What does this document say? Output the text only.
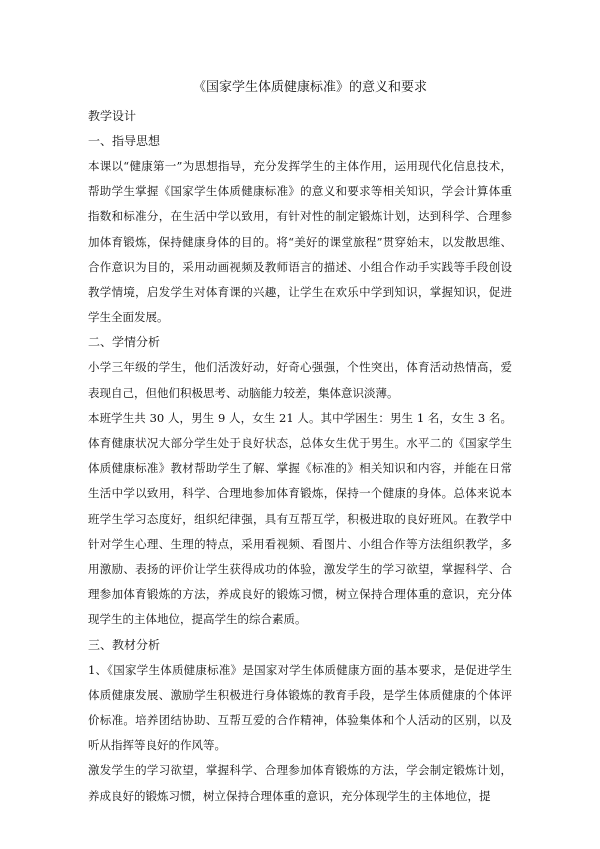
《国家学生体质健康标准》的意义和要求
教学设计
一、指导思想

本课以“健康第一”为思想指导，充分发挥学生的主体作用，运用现代化信息技术，帮助学生掌握《国家学生体质健康标准》的意义和要求等相关知识，学会计算体重指数和标准分，在生活中学以致用，有针对性的制定锻炼计划，达到科学、合理参加体育锻炼，保持健康身体的目的。将“美好的课堂旅程”贯穿始末，以发散思维、合作意识为目的，采用动画视频及教师语言的描述、小组合作动手实践等手段创设教学情境，启发学生对体育课的兴趣，让学生在欢乐中学到知识，掌握知识，促进学生全面发展。

二、学情分析

小学三年级的学生，他们活泼好动，好奇心强强，个性突出，体育活动热情高，爱表现自己，但他们积极思考、动脑能力较差，集体意识淡薄。

本班学生共 30 人，男生 9 人，女生 21 人。其中学困生：男生 1 名，女生 3 名。体育健康状况大部分学生处于良好状态，总体女生优于男生。水平二的《国家学生体质健康标准》教材帮助学生了解、掌握《标准的》相关知识和内容，并能在日常生活中学以致用，科学、合理地参加体育锻炼，保持一个健康的身体。总体来说本班学生学习态度好，组织纪律强，具有互帮互学，积极进取的良好班风。在教学中针对学生心理、生理的特点，采用看视频、看图片、小组合作等方法组织教学，多用激励、表扬的评价让学生获得成功的体验，激发学生的学习欲望，掌握科学、合理参加体育锻炼的方法，养成良好的锻炼习惯，树立保持合理体重的意识，充分体现学生的主体地位，提高学生的综合素质。

三、教材分析

1、《国家学生体质健康标准》是国家对学生体质健康方面的基本要求，是促进学生体质健康发展、激励学生积极进行身体锻炼的教育手段，是学生体质健康的个体评价标准。培养团结协助、互帮互爱的合作精神，体验集体和个人活动的区别，以及听从指挥等良好的作风等。

激发学生的学习欲望，掌握科学、合理参加体育锻炼的方法，学会制定锻炼计划，养成良好的锻炼习惯，树立保持合理体重的意识，充分体现学生的主体地位，提
